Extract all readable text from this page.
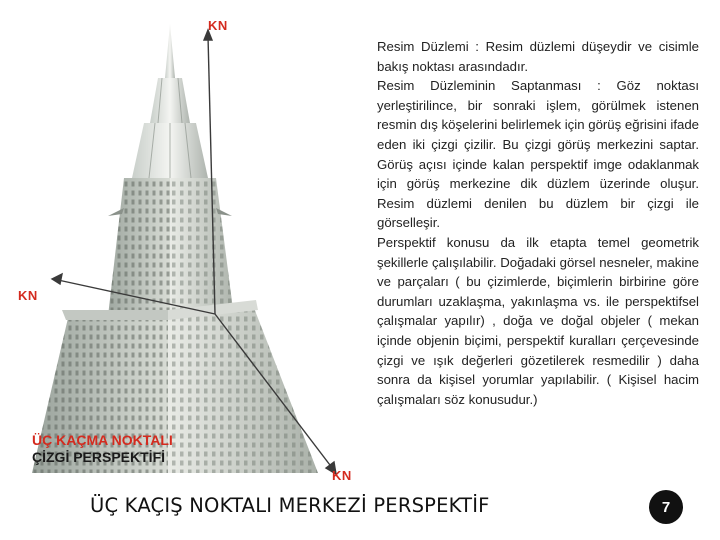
KN
KN
KN
ÜÇ KAÇMA NOKTALI
ÇİZGİ PERSPEKTİFİ

Resim Düzlemi : Resim düzlemi düşeydir ve cisimle bakış noktası arasındadır.

Resim Düzleminin Saptanması : Göz noktası yerleştirilince, bir sonraki işlem, görülmek istenen resmin dış köşelerini belirlemek için görüş eğrisini ifade eden iki çizgi çizilir. Bu çizgi görüş merkezini saptar. Görüş açısı içinde kalan perspektif imge odaklanmak için görüş merkezine dik düzlem üzerinde oluşur. Resim düzlemi denilen bu düzlem bir çizgi ile görselleşir.

Perspektif konusu da ilk etapta temel geometrik şekillerle çalışılabilir. Doğadaki görsel nesneler, makine ve parçaları ( bu çizimlerde, biçimlerin birbirine göre durumları uzaklaşma, yakınlaşma vs. ile perspektifsel çalışmalar yapılır) , doğa ve doğal objeler ( mekan içinde objenin biçimi, perspektif kuralları çerçevesinde çizgi ve ışık değerleri gözetilerek resmedilir ) daha sonra da kişisel yorumlar yapılabilir. ( Kişisel hacim çalışmaları söz konusudur.)

ÜÇ KAÇIŞ NOKTALI MERKEZİ PERSPEKTİF	7
